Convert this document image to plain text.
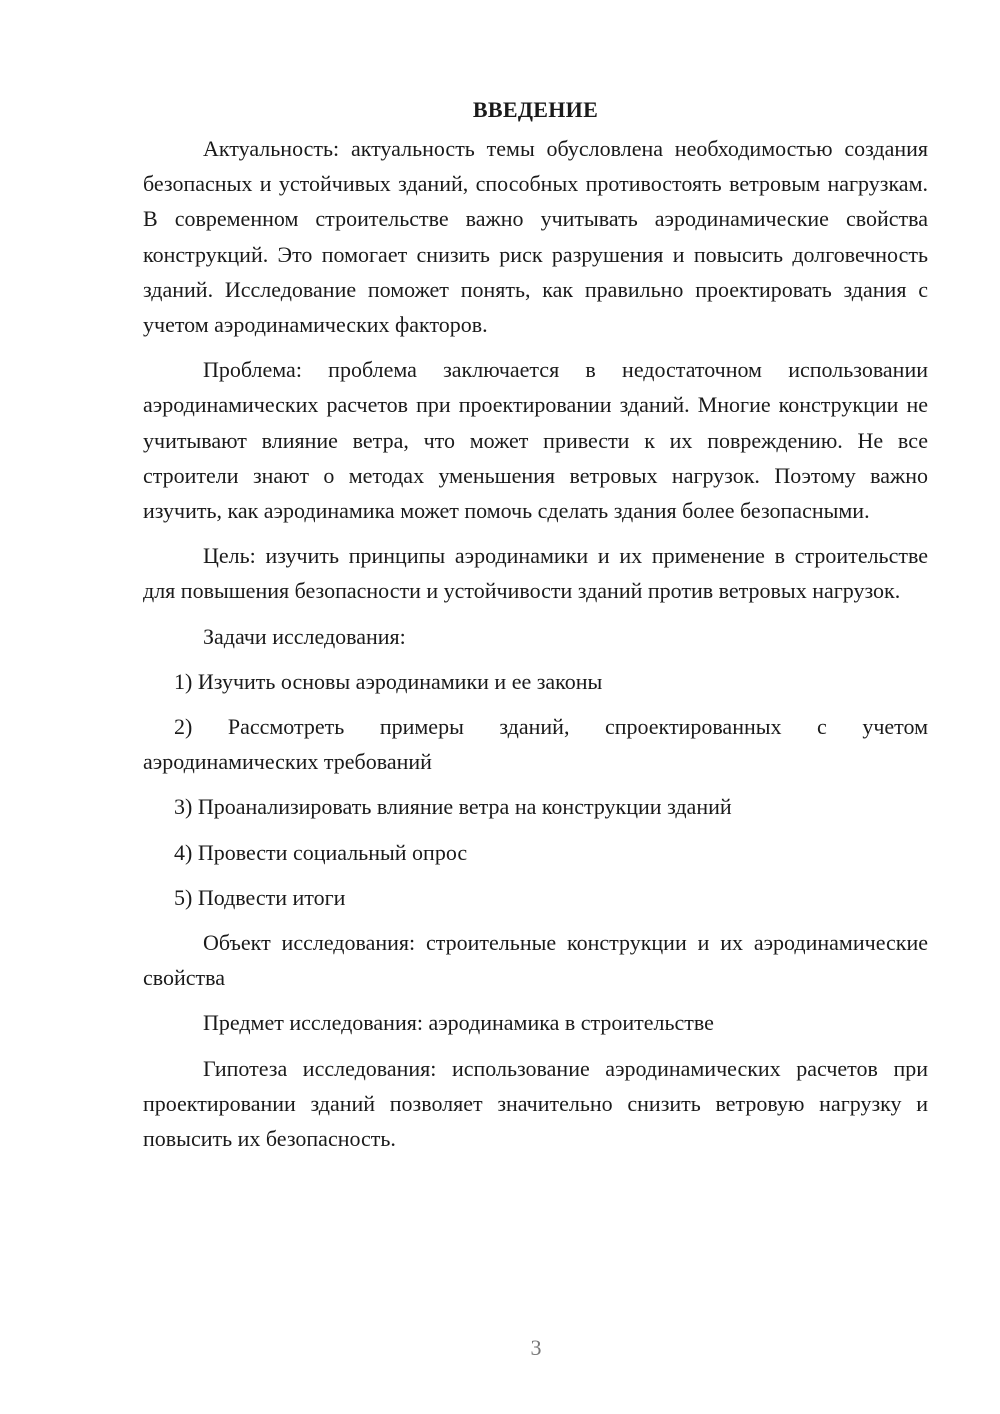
ВВЕДЕНИЕ

Актуальность: актуальность темы обусловлена необходимостью создания безопасных и устойчивых зданий, способных противостоять ветровым нагрузкам. В современном строительстве важно учитывать аэродинамические свойства конструкций. Это помогает снизить риск разрушения и повысить долговечность зданий. Исследование поможет понять, как правильно проектировать здания с учетом аэродинамических факторов.

Проблема: проблема заключается в недостаточном использовании аэродинамических расчетов при проектировании зданий. Многие конструкции не учитывают влияние ветра, что может привести к их повреждению. Не все строители знают о методах уменьшения ветровых нагрузок. Поэтому важно изучить, как аэродинамика может помочь сделать здания более безопасными.

Цель: изучить принципы аэродинамики и их применение в строительстве для повышения безопасности и устойчивости зданий против ветровых нагрузок.

Задачи исследования:

1) Изучить основы аэродинамики и ее законы

2) Рассмотреть примеры зданий, спроектированных с учетом аэродинамических требований

3) Проанализировать влияние ветра на конструкции зданий

4) Провести социальный опрос

5) Подвести итоги

Объект исследования: строительные конструкции и их аэродинамические свойства

Предмет исследования: аэродинамика в строительстве

Гипотеза исследования: использование аэродинамических расчетов при проектировании зданий позволяет значительно снизить ветровую нагрузку и повысить их безопасность.

3
